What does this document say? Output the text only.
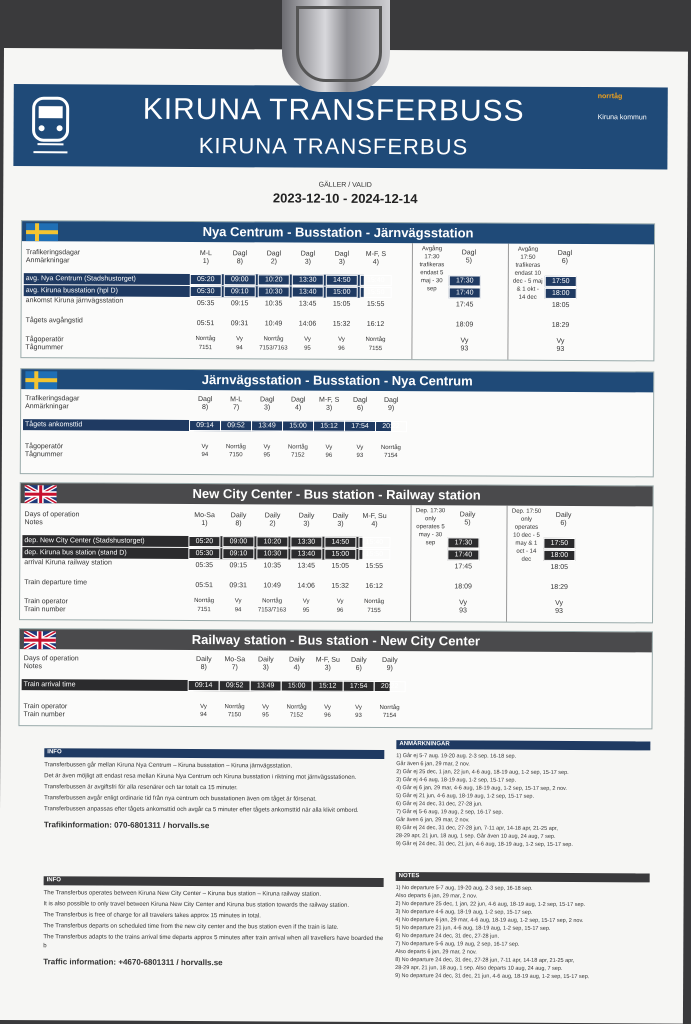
KIRUNA TRANSFERBUSS
KIRUNA TRANSFERBUS
norrtåg
Kiruna kommun
GÄLLER / VALID
2023-12-10 - 2024-12-14
Nya Centrum - Busstation - Järnvägsstation
Trafikeringsdagar
Anmärkningar
avg. Nya Centrum (Stadshustorget)
avg. Kiruna busstation (hpl D)
ankomst Kiruna järnvägsstation
Tågets avgångstid
Tågoperatör
Tågnummer
M-L
1)
05:20
05:30
05:35
05:51
Norrtåg
7151
Dagl
8)
09:00
09:10
09:15
09:31
Vy
94
Dagl
2)
10:20
10:30
10:35
10:49
Norrtåg
7153/7163
Dagl
3)
13:30
13:40
13:45
14:06
Vy
95
Dagl
3)
14:50
15:00
15:05
15:32
Vy
96
M-F, S
4)
15:40
15:50
15:55
16:12
Norrtåg
7155
Avgång 17:30 trafikeras endast 5 maj - 30 sep
Dagl
5)
17:30
17:40
17:45
18:09
Vy
93
Avgång 17:50 trafikeras endast 10 dec - 5 maj & 1 okt - 14 dec
Dagl
6)
17:50
18:00
18:05
18:29
Vy
93
Järnvägsstation - Busstation - Nya Centrum
Trafikeringsdagar
Anmärkningar
Tågets ankomsttid
Tågoperatör
Tågnummer
Dagl
8)
09:14
Vy
94
M-L
7)
09:52
Norrtåg
7150
Dagl
3)
13:49
Vy
95
Dagl
4)
15:00
Norrtåg
7152
M-F, S
3)
15:12
Vy
96
Dagl
6)
17:54
Vy
93
Dagl
9)
20:22
Norrtåg
7154
New City Center - Bus station - Railway station
Days of operation
Notes
dep. New City Center (Stadshustorget)
dep. Kiruna bus station (stand D)
arrival Kiruna railway station
Train departure time
Train operator
Train number
Mo-Sa
1)
05:20
05:30
05:35
05:51
Norrtåg
7151
Daily
8)
09:00
09:10
09:15
09:31
Vy
94
Daily
2)
10:20
10:30
10:35
10:49
Norrtåg
7153/7163
Daily
3)
13:30
13:40
13:45
14:06
Vy
95
Daily
3)
14:50
15:00
15:05
15:32
Vy
96
M-F, Su
4)
15:40
15:50
15:55
16:12
Norrtåg
7155
Dep. 17:30 only operates 5 may - 30 sep
Daily
5)
17:30
17:40
17:45
18:09
Vy
93
Dep. 17:50 only operates 10 dec - 5 may & 1 oct - 14 dec
Daily
6)
17:50
18:00
18:05
18:29
Vy
93
Railway station - Bus station - New City Center
Days of operation
Notes
Train arrival time
Train operator
Train number
Daily
8)
09:14
Vy
94
Mo-Sa
7)
09:52
Norrtåg
7150
Daily
3)
13:49
Vy
95
Daily
4)
15:00
Norrtåg
7152
M-F, Su
3)
15:12
Vy
96
Daily
6)
17:54
Vy
93
Daily
9)
20:22
Norrtåg
7154
INFO

Transferbussen går mellan Kiruna Nya Centrum – Kiruna busstation – Kiruna järnvägsstation.

Det är även möjligt att endast resa mellan Kiruna Nya Centrum och Kiruna busstation i riktning mot järnvägsstationen.

Transferbussen är avgiftsfri för alla resenärer och tar totalt ca 15 minuter.

Transferbussen avgår enligt ordinarie tid från nya centrum och busstationen även om tåget är försenat.

Transferbussen anpassas efter tågets ankomsttid och avgår ca 5 minuter efter tågets ankomsttid när alla klivit ombord.

Trafikinformation: 070-6801311 / horvalls.se
INFO

The Transferbus operates between Kiruna New City Center – Kiruna bus station – Kiruna railway station.

It is also possible to only travel between Kiruna New City Center and Kiruna bus station towards the railway station.

The Transferbus is free of charge for all travelers takes approx 15 minutes in total.

The Transferbus departs on scheduled time from the new city center and the bus station even if the train is late.

The Transferbus adapts to the trains arrival time departs approx 5 minutes after train arrival when all travellers have boarded the b

Traffic information: +4670-6801311 / horvalls.se
ANMÄRKNINGAR

1) Går ej 5-7 aug. 19-20 aug. 2-3 sep. 16-18 sep.

Går även 6 jan, 29 mar, 2 nov.

2) Går ej 25 dec, 1 jan, 22 jun, 4-6 aug, 18-19 aug, 1-2 sep, 15-17 sep.

3) Går ej 4-6 aug, 18-19 aug, 1-2 sep, 15-17 sep.

4) Går ej 6 jan, 29 mar, 4-6 aug, 18-19 aug, 1-2 sep, 15-17 sep, 2 nov.

5) Går ej 21 jun, 4-6 aug, 18-19 aug, 1-2 sep, 15-17 sep.

6) Går ej 24 dec, 31 dec, 27-28 jun.

7) Går ej 5-6 aug, 19 aug, 2 sep, 16-17 sep.

Går även 6 jan, 29 mar, 2 nov.

8) Går ej 24 dec, 31 dec, 27-28 jun, 7-11 apr, 14-18 apr, 21-25 apr,

28-29 apr, 21 jun, 18 aug, 1 sep. Går även 10 aug, 24 aug, 7 sep.

9) Går ej 24 dec, 31 dec, 21 jun, 4-6 aug, 18-19 aug, 1-2 sep, 15-17 sep.

NOTES

1) No departure 5-7 aug, 19-20 aug, 2-3 sep, 16-18 sep.

Also departs 6 jan, 29 mar, 2 nov.

2) No departure 25 dec, 1 jan, 22 jun, 4-6 aug, 18-19 aug, 1-2 sep, 15-17 sep.

3) No departure 4-6 aug, 18-19 aug, 1-2 sep, 15-17 sep.

4) No departure 6 jan, 29 mar, 4-6 aug, 18-19 aug, 1-2 sep, 15-17 sep, 2 nov.

5) No departure 21 jun, 4-6 aug, 18-19 aug, 1-2 sep, 15-17 sep.

6) No departure 24 dec, 31 dec, 27-28 jun.

7) No departure 5-6 aug, 19 aug, 2 sep, 16-17 sep.

Also departs 6 jan, 29 mar, 2 nov.

8) No departure 24 dec, 31 dec, 27-28 jun, 7-11 apr, 14-18 apr, 21-25 apr,

28-29 apr, 21 jun, 18 aug, 1 sep. Also departs 10 aug, 24 aug, 7 sep.

9) No departure 24 dec, 31 dec, 21 jun, 4-6 aug, 18-19 aug, 1-2 sep, 15-17 sep.
